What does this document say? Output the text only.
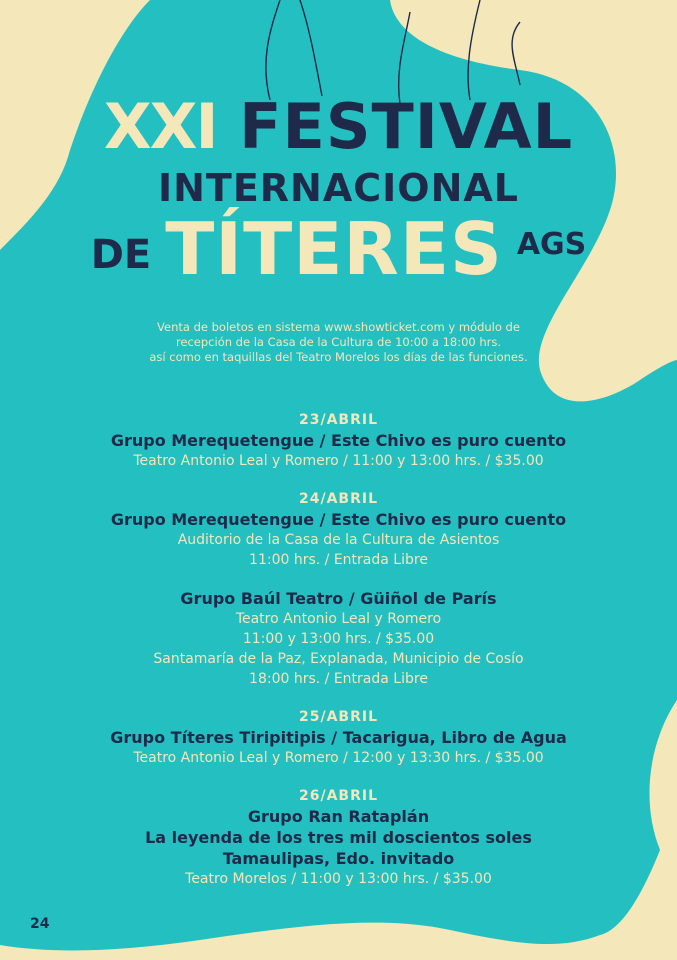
XXI FESTIVAL
INTERNACIONAL
DE TÍTERES $^{AGS}$
Venta de boletos en sistema www.showticket.com y módulo de
recepción de la Casa de la Cultura de 10:00 a 18:00 hrs.
así como en taquillas del Teatro Morelos los días de las funciones.
23/ABRIL
Grupo Merequetengue / Este Chivo es puro cuento
Teatro Antonio Leal y Romero / 11:00 y 13:00 hrs. / $35.00
24/ABRIL
Grupo Merequetengue / Este Chivo es puro cuento
Auditorio de la Casa de la Cultura de Asientos
11:00 hrs. / Entrada Libre
Grupo Baúl Teatro / Güiñol de París
Teatro Antonio Leal y Romero
11:00 y 13:00 hrs. / $35.00
Santamaría de la Paz, Explanada, Municipio de Cosío
18:00 hrs. / Entrada Libre
25/ABRIL
Grupo Títeres Tiripitipis / Tacarigua, Libro de Agua
Teatro Antonio Leal y Romero / 12:00 y 13:30 hrs. / $35.00
26/ABRIL
Grupo Ran Rataplán
La leyenda de los tres mil doscientos soles
Tamaulipas, Edo. invitado
Teatro Morelos / 11:00 y 13:00 hrs. / $35.00
24
